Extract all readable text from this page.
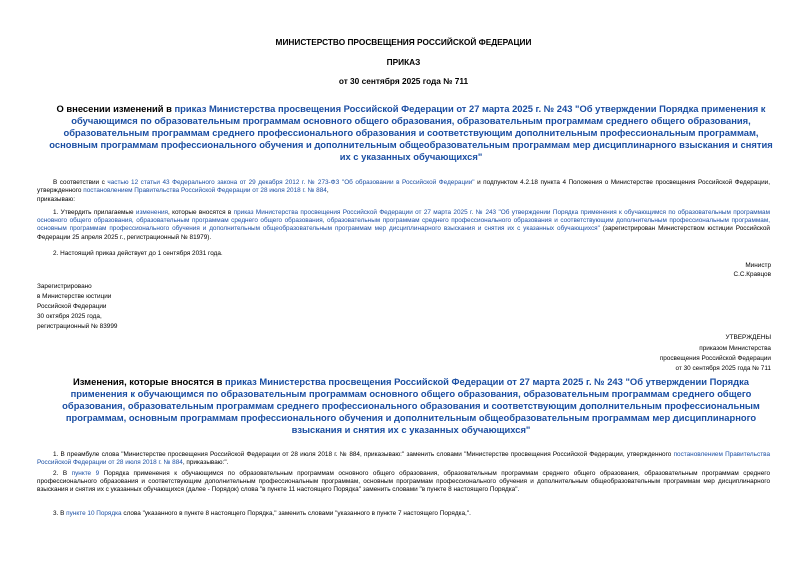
МИНИСТЕРСТВО ПРОСВЕЩЕНИЯ РОССИЙСКОЙ ФЕДЕРАЦИИ
ПРИКАЗ
от 30 сентября 2025 года № 711
О внесении изменений в приказ Министерства просвещения Российской Федерации от 27 марта 2025 г. № 243 "Об утверждении Порядка применения к обучающимся по образовательным программам основного общего образования, образовательным программам среднего общего образования, образовательным программам среднего профессионального образования и соответствующим дополнительным профессиональным программам, основным программам профессионального обучения и дополнительным общеобразовательным программам мер дисциплинарного взыскания и снятия их с указанных обучающихся"
В соответствии с частью 12 статьи 43 Федерального закона от 29 декабря 2012 г. № 273-ФЗ "Об образовании в Российской Федерации" и подпунктом 4.2.18 пункта 4 Положения о Министерстве просвещения Российской Федерации, утвержденного постановлением Правительства Российской Федерации от 28 июля 2018 г. № 884,
приказываю:
1. Утвердить прилагаемые изменения, которые вносятся в приказ Министерства просвещения Российской Федерации от 27 марта 2025 г. № 243 "Об утверждении Порядка применения к обучающимся по образовательным программам основного общего образования, образовательным программам среднего общего образования, образовательным программам среднего профессионального образования и соответствующим дополнительным профессиональным программам, основным программам профессионального обучения и дополнительным общеобразовательным программам мер дисциплинарного взыскания и снятия их с указанных обучающихся" (зарегистрирован Министерством юстиции Российской Федерации 25 апреля 2025 г., регистрационный № 81979).
2. Настоящий приказ действует до 1 сентября 2031 года.
Министр
С.С.Кравцов
Зарегистрировано
в Министерстве юстиции
Российской Федерации
30 октября 2025 года,
регистрационный № 83999
УТВЕРЖДЕНЫ
приказом Министерства
просвещения Российской Федерации
от 30 сентября 2025 года № 711
Изменения, которые вносятся в приказ Министерства просвещения Российской Федерации от 27 марта 2025 г. № 243 "Об утверждении Порядка применения к обучающимся по образовательным программам основного общего образования, образовательным программам среднего общего образования, образовательным программам среднего профессионального образования и соответствующим дополнительным профессиональным программам, основным программам профессионального обучения и дополнительным общеобразовательным программам мер дисциплинарного взыскания и снятия их с указанных обучающихся"
1. В преамбуле слова "Министерстве просвещения Российской Федерации от 28 июля 2018 г. № 884, приказываю:" заменить словами "Министерстве просвещения Российской Федерации, утвержденного постановлением Правительства Российской Федерации от 28 июля 2018 г. № 884, приказываю:".
2. В пункте 9 Порядка применения к обучающимся по образовательным программам основного общего образования, образовательным программам среднего общего образования, образовательным программам среднего профессионального образования и соответствующим дополнительным профессиональным программам, основным программам профессионального обучения и дополнительным общеобразовательным программам мер дисциплинарного взыскания и снятия их с указанных обучающихся (далее - Порядок) слова "в пункте 11 настоящего Порядка" заменить словами "в пункте 8 настоящего Порядка".
3. В пункте 10 Порядка слова "указанного в пункте 8 настоящего Порядка," заменить словами "указанного в пункте 7 настоящего Порядка,".
